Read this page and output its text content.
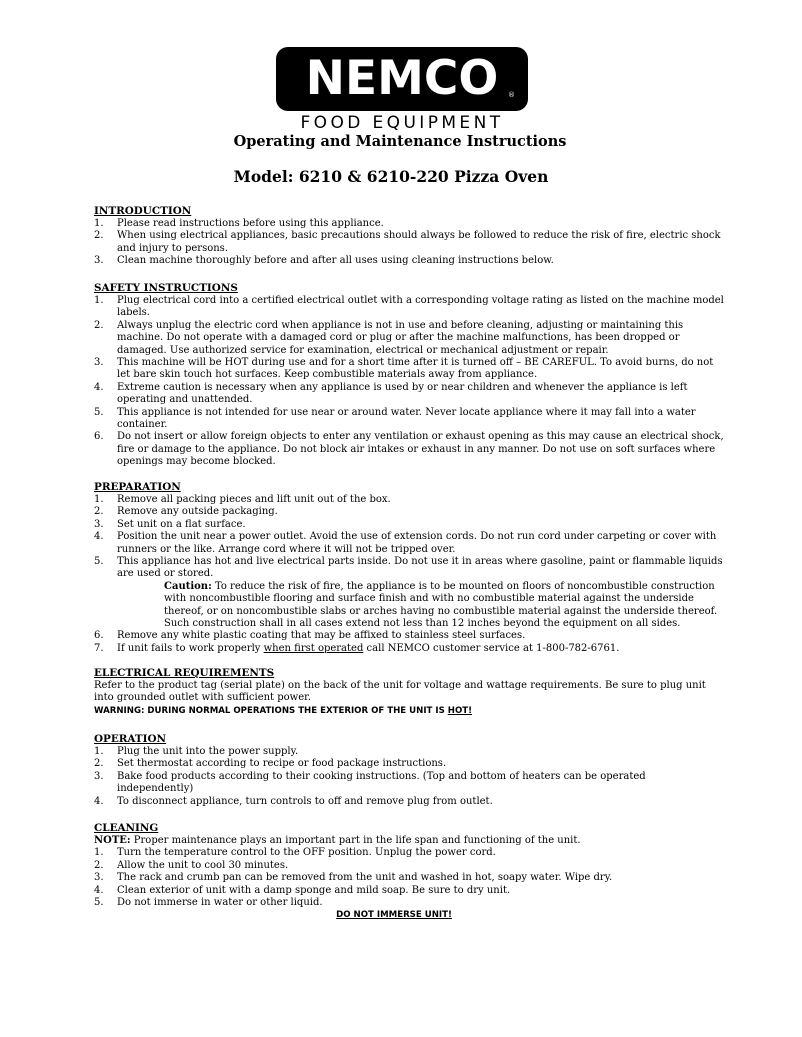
NEMCO	®
FOOD EQUIPMENT
Operating and Maintenance Instructions
Model: 6210 & 6210-220 Pizza Oven
INTRODUCTION
1. Please read instructions before using this appliance.
2. When using electrical appliances, basic precautions should always be followed to reduce the risk of fire, electric shock and injury to persons.
3. Clean machine thoroughly before and after all uses using cleaning instructions below.
SAFETY INSTRUCTIONS
1. Plug electrical cord into a certified electrical outlet with a corresponding voltage rating as listed on the machine model labels.
2. Always unplug the electric cord when appliance is not in use and before cleaning, adjusting or maintaining this machine. Do not operate with a damaged cord or plug or after the machine malfunctions, has been dropped or damaged. Use authorized service for examination, electrical or mechanical adjustment or repair.
3. This machine will be HOT during use and for a short time after it is turned off – BE CAREFUL. To avoid burns, do not let bare skin touch hot surfaces. Keep combustible materials away from appliance.
4. Extreme caution is necessary when any appliance is used by or near children and whenever the appliance is left operating and unattended.
5. This appliance is not intended for use near or around water. Never locate appliance where it may fall into a water container.
6. Do not insert or allow foreign objects to enter any ventilation or exhaust opening as this may cause an electrical shock, fire or damage to the appliance. Do not block air intakes or exhaust in any manner. Do not use on soft surfaces where openings may become blocked.
PREPARATION
1. Remove all packing pieces and lift unit out of the box.
2. Remove any outside packaging.
3. Set unit on a flat surface.
4. Position the unit near a power outlet. Avoid the use of extension cords. Do not run cord under carpeting or cover with runners or the like. Arrange cord where it will not be tripped over.
5. This appliance has hot and live electrical parts inside. Do not use it in areas where gasoline, paint or flammable liquids are used or stored.

Caution: To reduce the risk of fire, the appliance is to be mounted on floors of noncombustible construction with noncombustible flooring and surface finish and with no combustible material against the underside thereof, or on noncombustible slabs or arches having no combustible material against the underside thereof. Such construction shall in all cases extend not less than 12 inches beyond the equipment on all sides.

6. Remove any white plastic coating that may be affixed to stainless steel surfaces.
7. If unit fails to work properly when first operated call NEMCO customer service at 1-800-782-6761.
ELECTRICAL REQUIREMENTS

Refer to the product tag (serial plate) on the back of the unit for voltage and wattage requirements. Be sure to plug unit into grounded outlet with sufficient power.

WARNING: DURING NORMAL OPERATIONS THE EXTERIOR OF THE UNIT IS HOT!

OPERATION
1. Plug the unit into the power supply.
2. Set thermostat according to recipe or food package instructions.
3. Bake food products according to their cooking instructions. (Top and bottom of heaters can be operated independently)
4. To disconnect appliance, turn controls to off and remove plug from outlet.
CLEANING

NOTE: Proper maintenance plays an important part in the life span and functioning of the unit.

1. Turn the temperature control to the OFF position. Unplug the power cord.
2. Allow the unit to cool 30 minutes.
3. The rack and crumb pan can be removed from the unit and washed in hot, soapy water. Wipe dry.
4. Clean exterior of unit with a damp sponge and mild soap. Be sure to dry unit.
5. Do not immerse in water or other liquid.
DO NOT IMMERSE UNIT!
